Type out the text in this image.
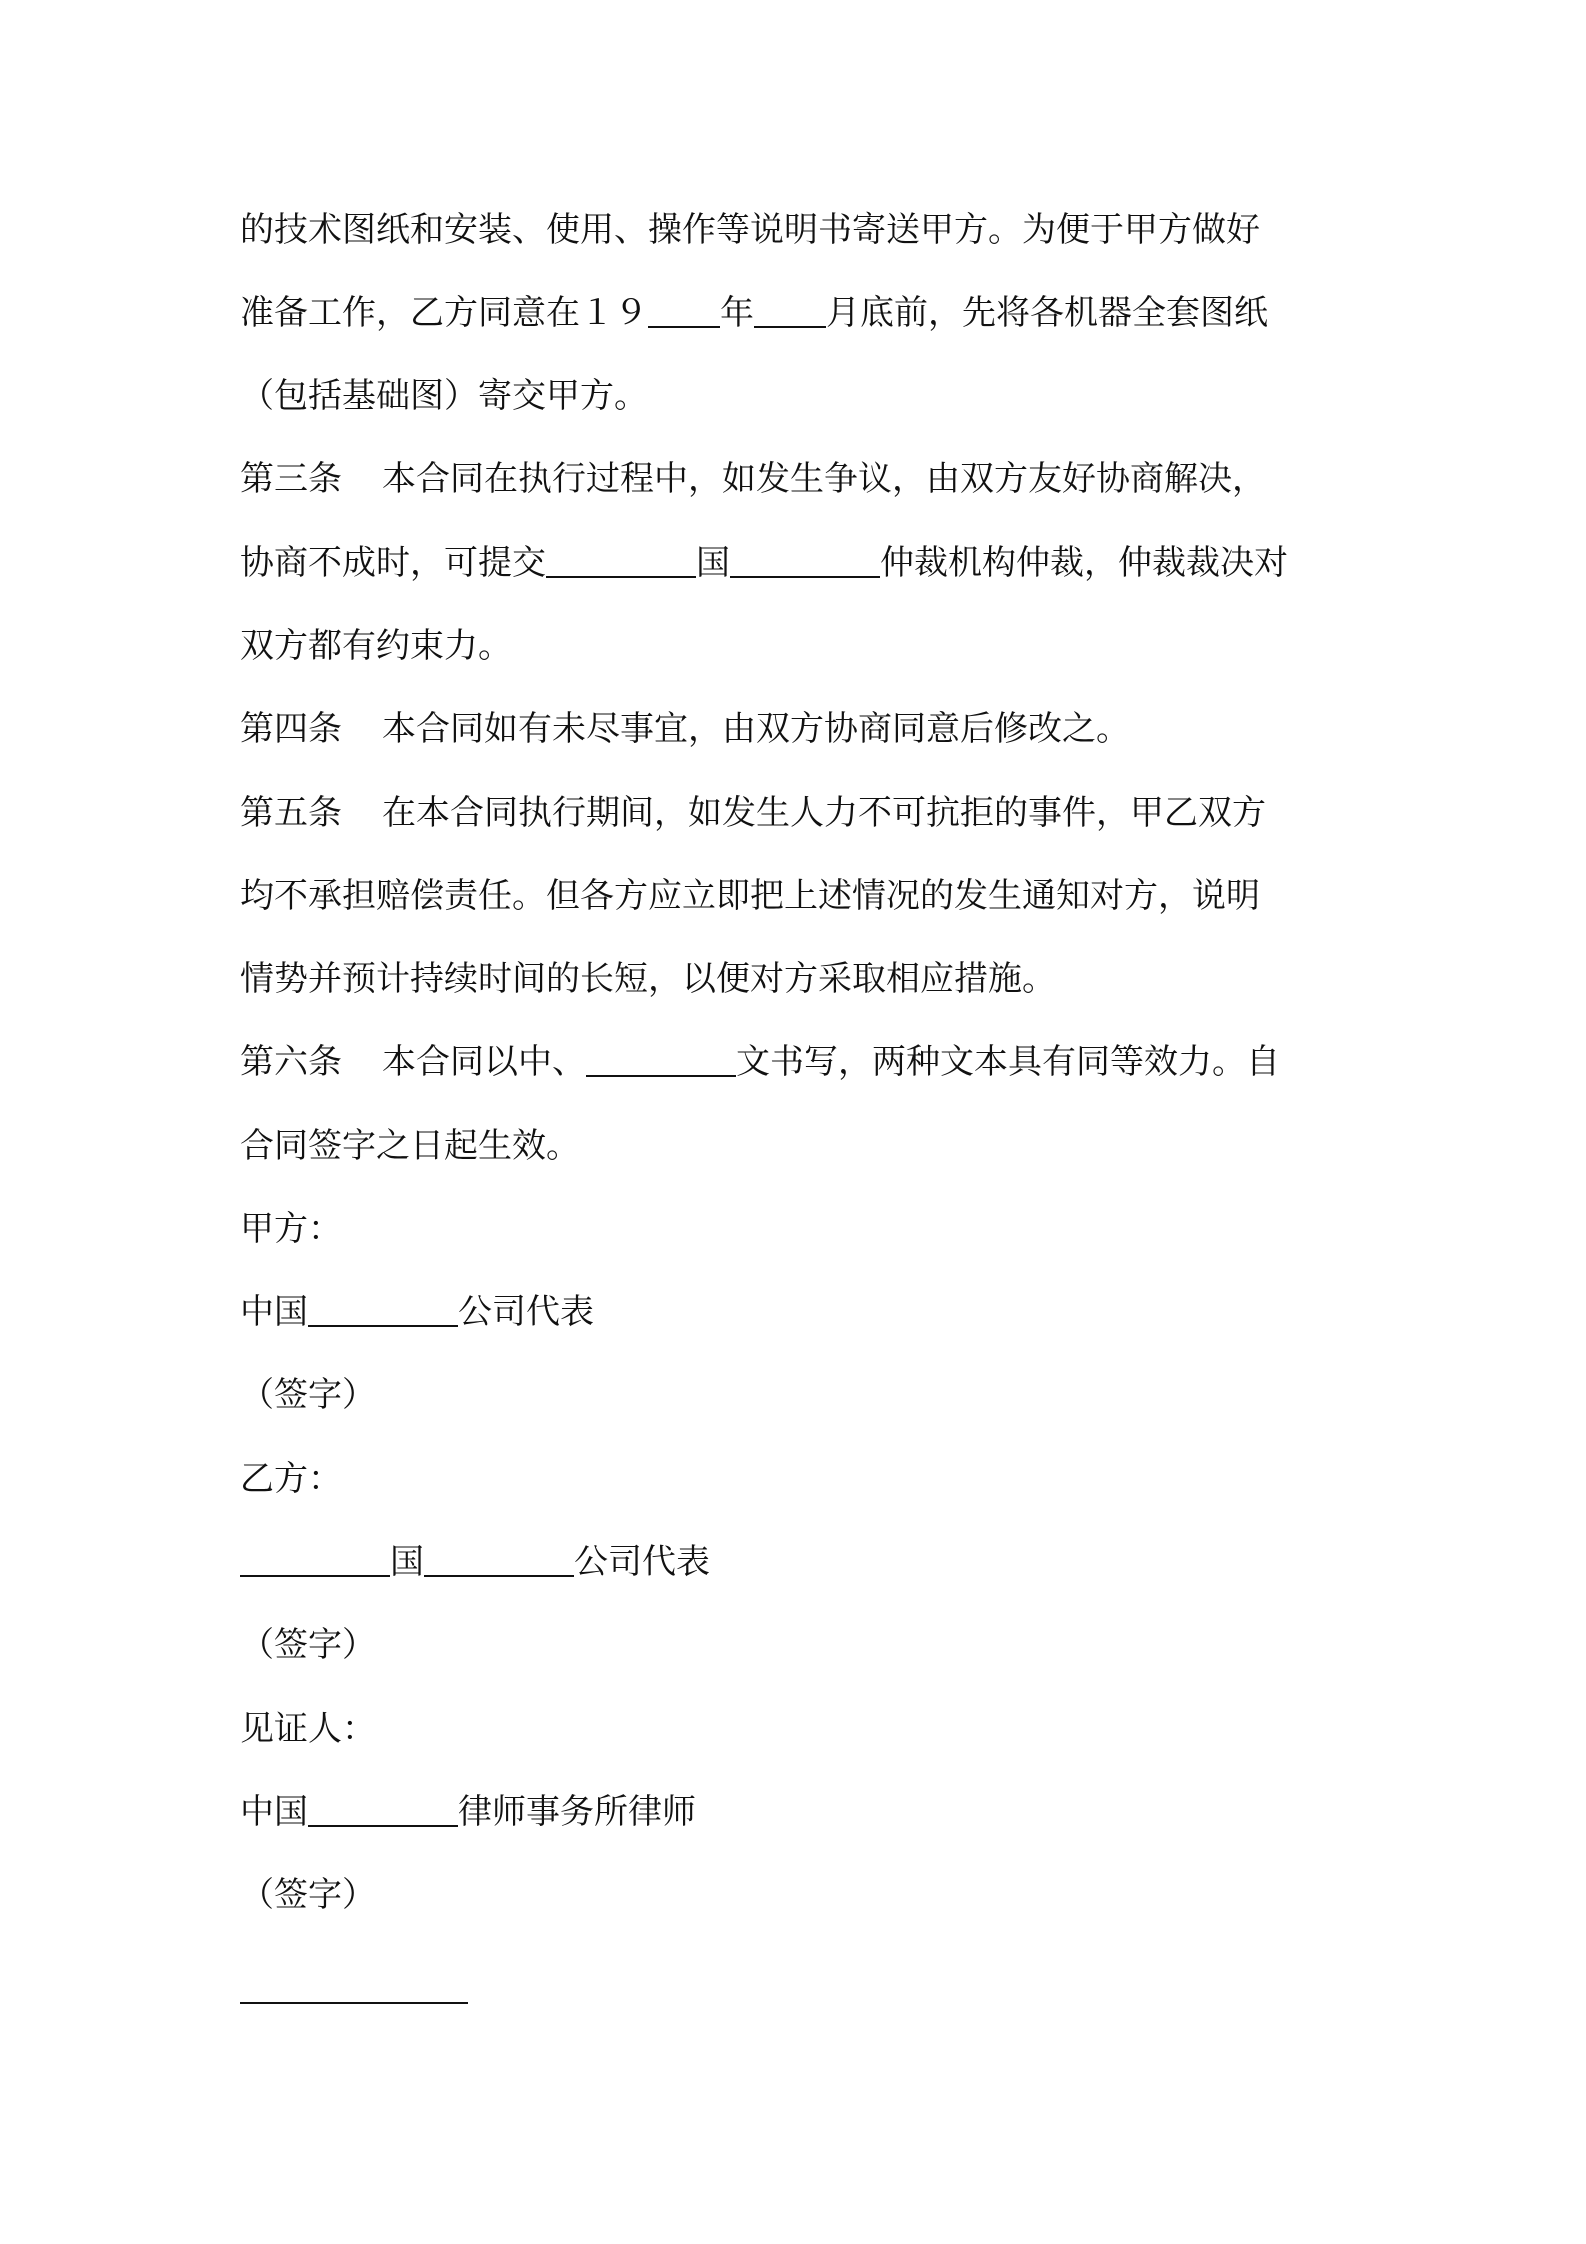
的技术图纸和安装、使用、操作等说明书寄送甲方。为便于甲方做好
准备工作，乙方同意在１９ 年 月底前，先将各机器全套图纸
（包括基础图）寄交甲方。
第三条 本合同在执行过程中，如发生争议，由双方友好协商解决，
协商不成时，可提交	国	仲裁机构仲裁，仲裁裁决对
双方都有约束力。
第四条 本合同如有未尽事宜，由双方协商同意后修改之。
第五条 在本合同执行期间，如发生人力不可抗拒的事件，甲乙双方
均不承担赔偿责任。但各方应立即把上述情况的发生通知对方，说明
情势并预计持续时间的长短，以便对方采取相应措施。
第六条 本合同以中、	文书写，两种文本具有同等效力。自
合同签字之日起生效。
甲方：
中国	公司代表
（签字）
乙方：
国	公司代表
（签字）
见证人：
中国	律师事务所律师
（签字）
